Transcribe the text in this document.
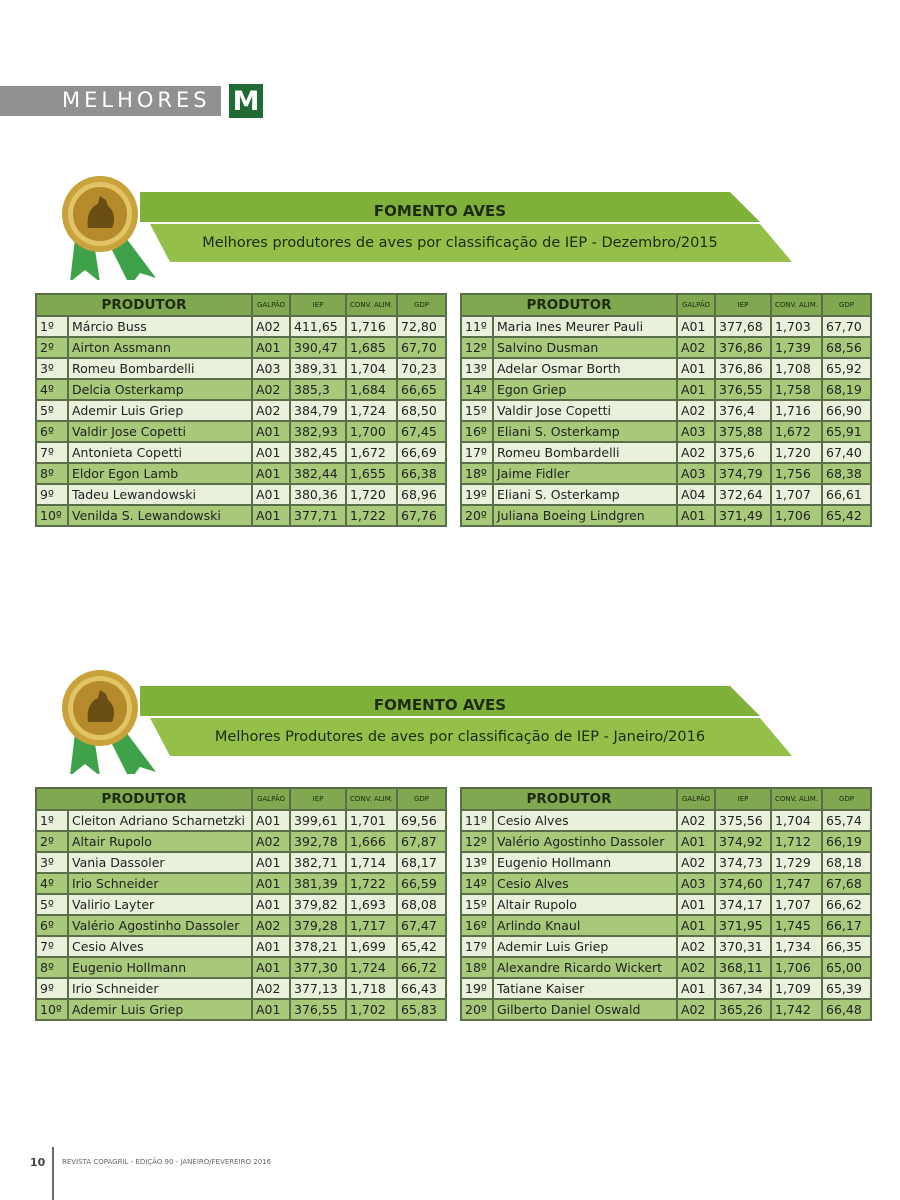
MELHORES M
FOMENTO AVES
Melhores produtores de aves por classificação de IEP - Dezembro/2015
PRODUTOR		GALPÃO	IEP	CONV. ALIM.	GDP
1º	Márcio Buss	A02	411,65	1,716	72,80
2º	Airton Assmann	A01	390,47	1,685	67,70
3º	Romeu Bombardelli	A03	389,31	1,704	70,23
4º	Delcia Osterkamp	A02	385,3	1,684	66,65
5º	Ademir Luis Griep	A02	384,79	1,724	68,50
6º	Valdir Jose Copetti	A01	382,93	1,700	67,45
7º	Antonieta Copetti	A01	382,45	1,672	66,69
8º	Eldor Egon Lamb	A01	382,44	1,655	66,38
9º	Tadeu Lewandowski	A01	380,36	1,720	68,96
10º	Venilda S. Lewandowski	A01	377,71	1,722	67,76
PRODUTOR		GALPÃO	IEP	CONV. ALIM.	GDP
11º	Maria Ines Meurer Pauli	A01	377,68	1,703	67,70
12º	Salvino Dusman	A02	376,86	1,739	68,56
13º	Adelar Osmar Borth	A01	376,86	1,708	65,92
14º	Egon Griep	A01	376,55	1,758	68,19
15º	Valdir Jose Copetti	A02	376,4	1,716	66,90
16º	Eliani S. Osterkamp	A03	375,88	1,672	65,91
17º	Romeu Bombardelli	A02	375,6	1,720	67,40
18º	Jaime Fidler	A03	374,79	1,756	68,38
19º	Eliani S. Osterkamp	A04	372,64	1,707	66,61
20º	Juliana Boeing Lindgren	A01	371,49	1,706	65,42
FOMENTO AVES
Melhores Produtores de aves por classificação de IEP - Janeiro/2016
PRODUTOR		GALPÃO	IEP	CONV. ALIM.	GDP
1º	Cleiton Adriano Scharnetzki	A01	399,61	1,701	69,56
2º	Altair Rupolo	A02	392,78	1,666	67,87
3º	Vania Dassoler	A01	382,71	1,714	68,17
4º	Irio Schneider	A01	381,39	1,722	66,59
5º	Valirio Layter	A01	379,82	1,693	68,08
6º	Valério Agostinho Dassoler	A02	379,28	1,717	67,47
7º	Cesio Alves	A01	378,21	1,699	65,42
8º	Eugenio Hollmann	A01	377,30	1,724	66,72
9º	Irio Schneider	A02	377,13	1,718	66,43
10º	Ademir Luis Griep	A01	376,55	1,702	65,83
PRODUTOR		GALPÃO	IEP	CONV. ALIM.	GDP
11º	Cesio Alves	A02	375,56	1,704	65,74
12º	Valério Agostinho Dassoler	A01	374,92	1,712	66,19
13º	Eugenio Hollmann	A02	374,73	1,729	68,18
14º	Cesio Alves	A03	374,60	1,747	67,68
15º	Altair Rupolo	A01	374,17	1,707	66,62
16º	Arlindo Knaul	A01	371,95	1,745	66,17
17º	Ademir Luis Griep	A02	370,31	1,734	66,35
18º	Alexandre Ricardo Wickert	A02	368,11	1,706	65,00
19º	Tatiane Kaiser	A01	367,34	1,709	65,39
20º	Gilberto Daniel Oswald	A02	365,26	1,742	66,48
10 REVISTA COPAGRIL - EDIÇÃO 90 - JANEIRO/FEVEREIRO 2016
